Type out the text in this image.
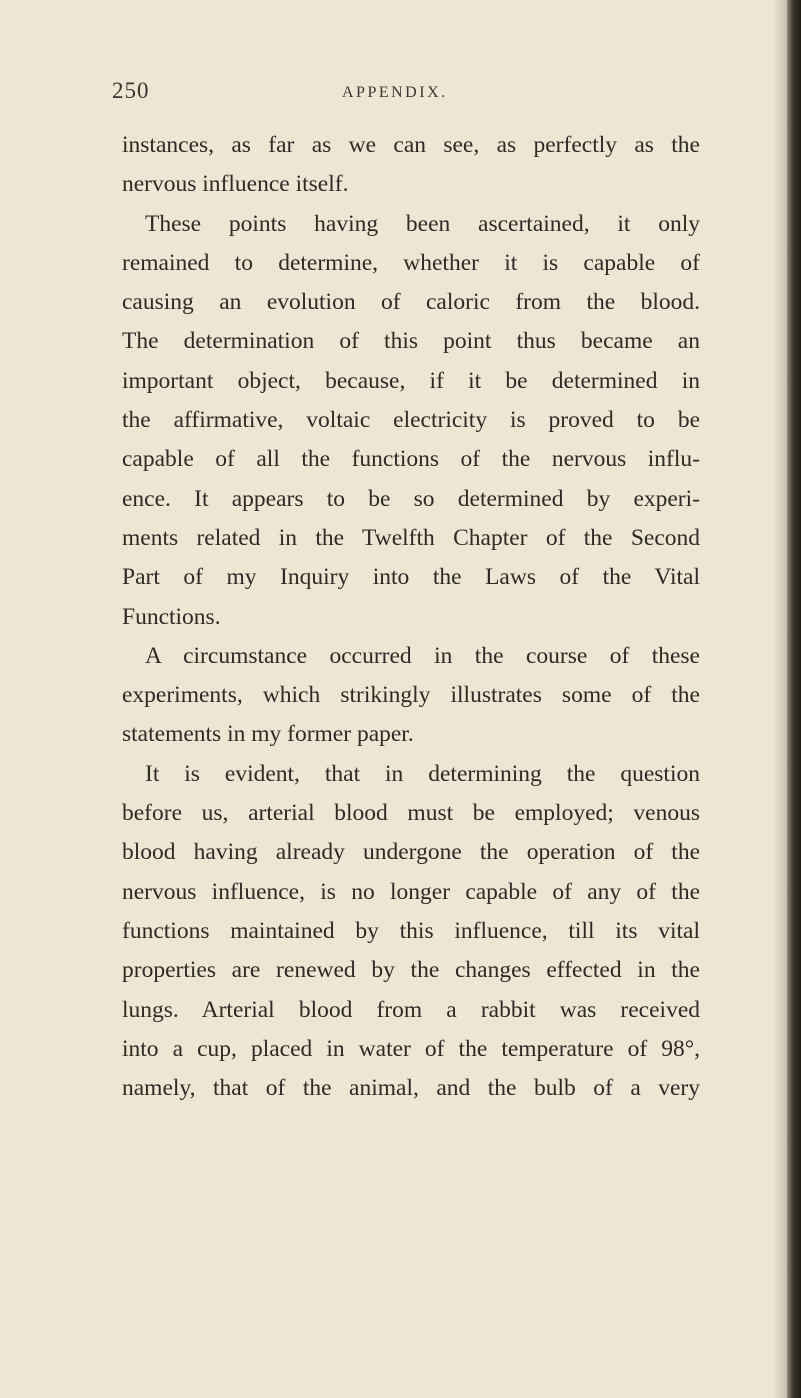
250	APPENDIX.
instances, as far as we can see, as perfectly as the
nervous influence itself.
These points having been ascertained, it only
remained to determine, whether it is capable of
causing an evolution of caloric from the blood.
The determination of this point thus became an
important object, because, if it be determined in
the affirmative, voltaic electricity is proved to be
capable of all the functions of the nervous influ-
ence. It appears to be so determined by experi-
ments related in the Twelfth Chapter of the Second
Part of my Inquiry into the Laws of the Vital
Functions.
A circumstance occurred in the course of these
experiments, which strikingly illustrates some of the
statements in my former paper.
It is evident, that in determining the question
before us, arterial blood must be employed; venous
blood having already undergone the operation of the
nervous influence, is no longer capable of any of the
functions maintained by this influence, till its vital
properties are renewed by the changes effected in the
lungs. Arterial blood from a rabbit was received
into a cup, placed in water of the temperature of 98°,
namely, that of the animal, and the bulb of a very
